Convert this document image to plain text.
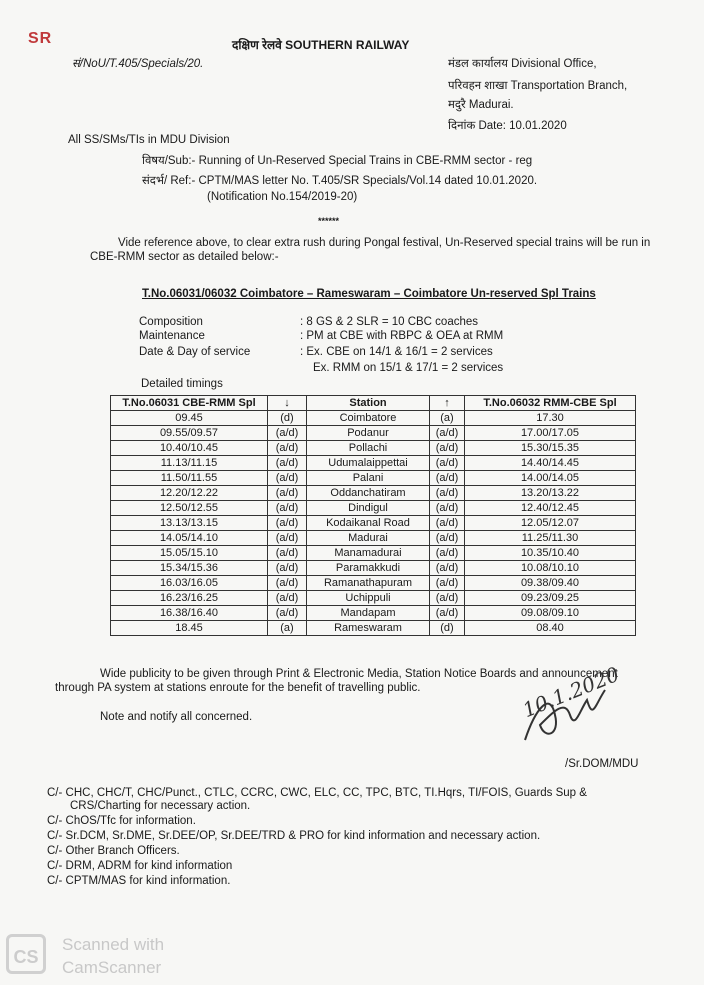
SR	दक्षिण रेलवे SOUTHERN RAILWAY
सं/NoU/T.405/Specials/20.	मंडल कार्यालय Divisional Office,
परिवहन शाखा Transportation Branch,
मदुरै Madurai.
दिनांक Date: 10.01.2020
All SS/SMs/TIs in MDU Division
विषय/Sub:- Running of Un-Reserved Special Trains in CBE-RMM sector - reg
संदर्भ/ Ref:- CPTM/MAS letter No. T.405/SR Specials/Vol.14 dated 10.01.2020.
(Notification No.154/2019-20)
******
Vide reference above, to clear extra rush during Pongal festival, Un-Reserved special trains will be run in
CBE-RMM sector as detailed below:-
T.No.06031/06032 Coimbatore – Rameswaram – Coimbatore Un-reserved Spl Trains
Composition	: 8 GS & 2 SLR = 10 CBC coaches
Maintenance	: PM at CBE with RBPC & OEA at RMM
Date & Day of service	: Ex. CBE on 14/1 & 16/1 = 2 services
Ex. RMM on 15/1 & 17/1 = 2 services
Detailed timings
T.No.06031 CBE-RMM Spl	↓	Station	↑	T.No.06032 RMM-CBE Spl
09.45	(d)	Coimbatore	(a)	17.30
09.55/09.57	(a/d)	Podanur	(a/d)	17.00/17.05
10.40/10.45	(a/d)	Pollachi	(a/d)	15.30/15.35
11.13/11.15	(a/d)	Udumalaippettai	(a/d)	14.40/14.45
11.50/11.55	(a/d)	Palani	(a/d)	14.00/14.05
12.20/12.22	(a/d)	Oddanchatiram	(a/d)	13.20/13.22
12.50/12.55	(a/d)	Dindigul	(a/d)	12.40/12.45
13.13/13.15	(a/d)	Kodaikanal Road	(a/d)	12.05/12.07
14.05/14.10	(a/d)	Madurai	(a/d)	11.25/11.30
15.05/15.10	(a/d)	Manamadurai	(a/d)	10.35/10.40
15.34/15.36	(a/d)	Paramakkudi	(a/d)	10.08/10.10
16.03/16.05	(a/d)	Ramanathapuram	(a/d)	09.38/09.40
16.23/16.25	(a/d)	Uchippuli	(a/d)	09.23/09.25
16.38/16.40	(a/d)	Mandapam	(a/d)	09.08/09.10
18.45	(a)	Rameswaram	(d)	08.40
Wide publicity to be given through Print & Electronic Media, Station Notice Boards and announcement
through PA system at stations enroute for the benefit of travelling public.
Note and notify all concerned.	10.1.2020
/Sr.DOM/MDU
C/- CHC, CHC/T, CHC/Punct., CTLC, CCRC, CWC, ELC, CC, TPC, BTC, TI.Hqrs, TI/FOIS, Guards Sup &
CRS/Charting for necessary action.
C/- ChOS/Tfc for information.
C/- Sr.DCM, Sr.DME, Sr.DEE/OP, Sr.DEE/TRD & PRO for kind information and necessary action.
C/- Other Branch Officers.
C/- DRM, ADRM for kind information
C/- CPTM/MAS for kind information.
CS
Scanned with
CamScanner
